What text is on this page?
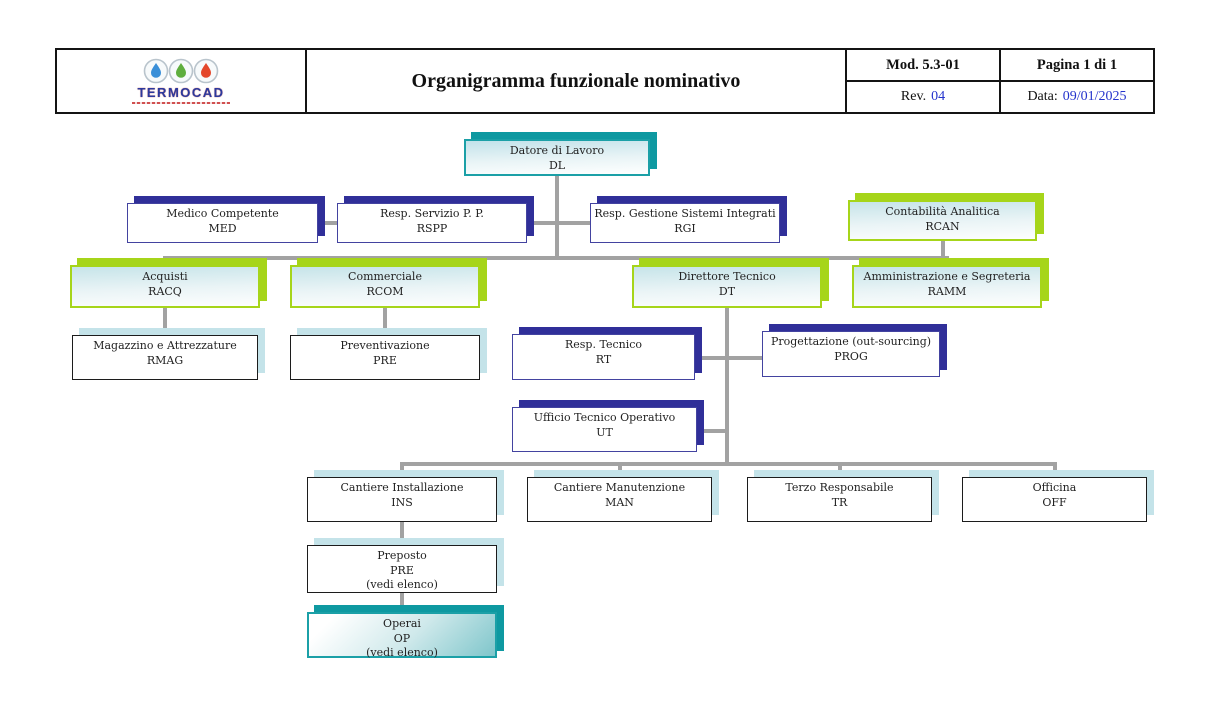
TERMOCAD
Organigramma funzionale nominativo
Mod. 5.3-01	Pagina 1 di 1
Rev. 04	Data: 09/01/2025
Datore di Lavoro
DL
Medico Competente
MED
Resp. Servizio P. P.
RSPP
Resp. Gestione Sistemi Integrati
RGI
Contabilità Analitica
RCAN
Acquisti
RACQ
Commerciale
RCOM
Direttore Tecnico
DT
Amministrazione e Segreteria
RAMM
Magazzino e Attrezzature
RMAG
Preventivazione
PRE
Resp. Tecnico
RT
Progettazione (out-sourcing)
PROG
Ufficio Tecnico Operativo
UT
Cantiere Installazione
INS
Cantiere Manutenzione
MAN
Terzo Responsabile
TR
Officina
OFF
Preposto
PRE
(vedi elenco)
Operai
OP
(vedi elenco)
